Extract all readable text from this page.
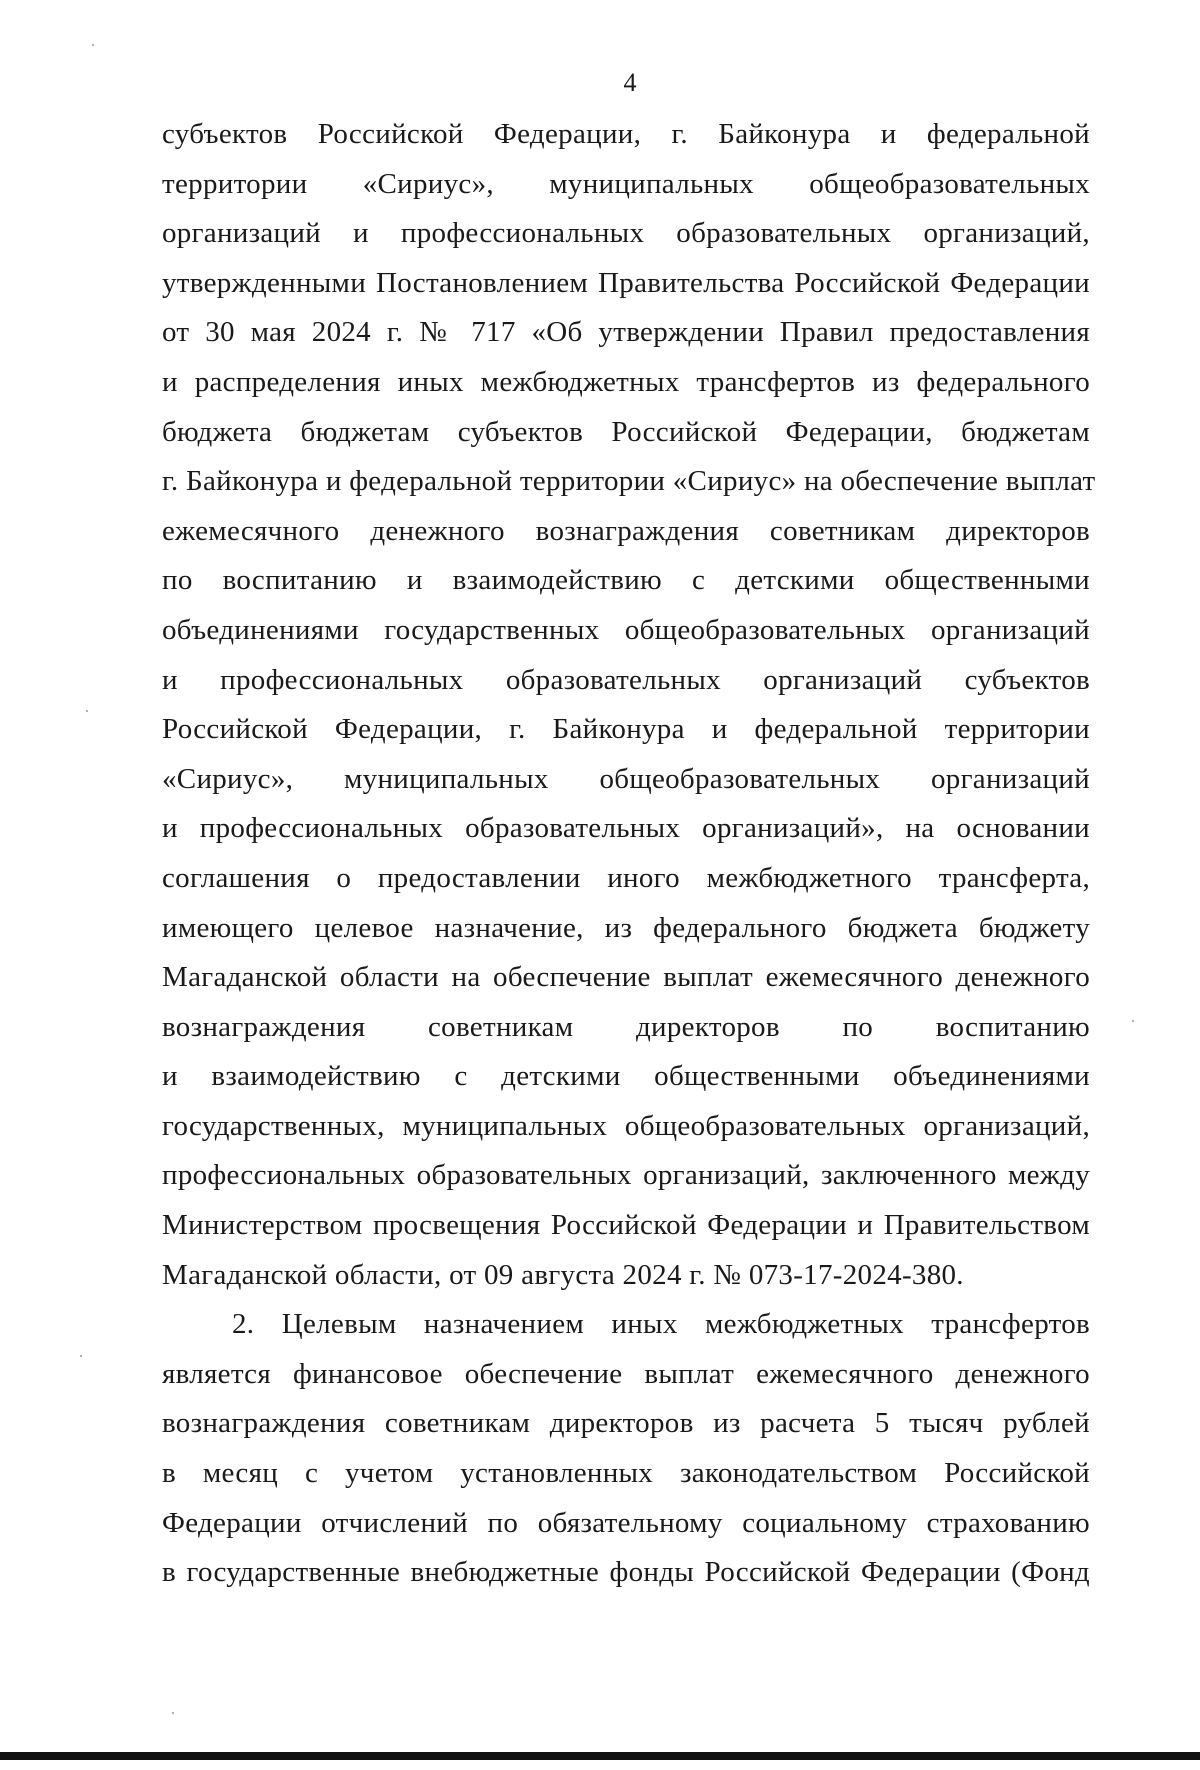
4
субъектов Российской Федерации, г. Байконура и федеральной
территории «Сириус», муниципальных общеобразовательных
организаций и профессиональных образовательных организаций,
утвержденными Постановлением Правительства Российской Федерации
от 30 мая 2024 г. № 717 «Об утверждении Правил предоставления
и распределения иных межбюджетных трансфертов из федерального
бюджета бюджетам субъектов Российской Федерации, бюджетам
г. Байконура и федеральной территории «Сириус» на обеспечение выплат
ежемесячного денежного вознаграждения советникам директоров
по воспитанию и взаимодействию с детскими общественными
объединениями государственных общеобразовательных организаций
и профессиональных образовательных организаций субъектов
Российской Федерации, г. Байконура и федеральной территории
«Сириус», муниципальных общеобразовательных организаций
и профессиональных образовательных организаций», на основании
соглашения о предоставлении иного межбюджетного трансферта,
имеющего целевое назначение, из федерального бюджета бюджету
Магаданской области на обеспечение выплат ежемесячного денежного
вознаграждения советникам директоров по воспитанию
и взаимодействию с детскими общественными объединениями
государственных, муниципальных общеобразовательных организаций,
профессиональных образовательных организаций, заключенного между
Министерством просвещения Российской Федерации и Правительством
Магаданской области, от 09 августа 2024 г. № 073-17-2024-380.
2. Целевым назначением иных межбюджетных трансфертов
является финансовое обеспечение выплат ежемесячного денежного
вознаграждения советникам директоров из расчета 5 тысяч рублей
в месяц с учетом установленных законодательством Российской
Федерации отчислений по обязательному социальному страхованию
в государственные внебюджетные фонды Российской Федерации (Фонд
